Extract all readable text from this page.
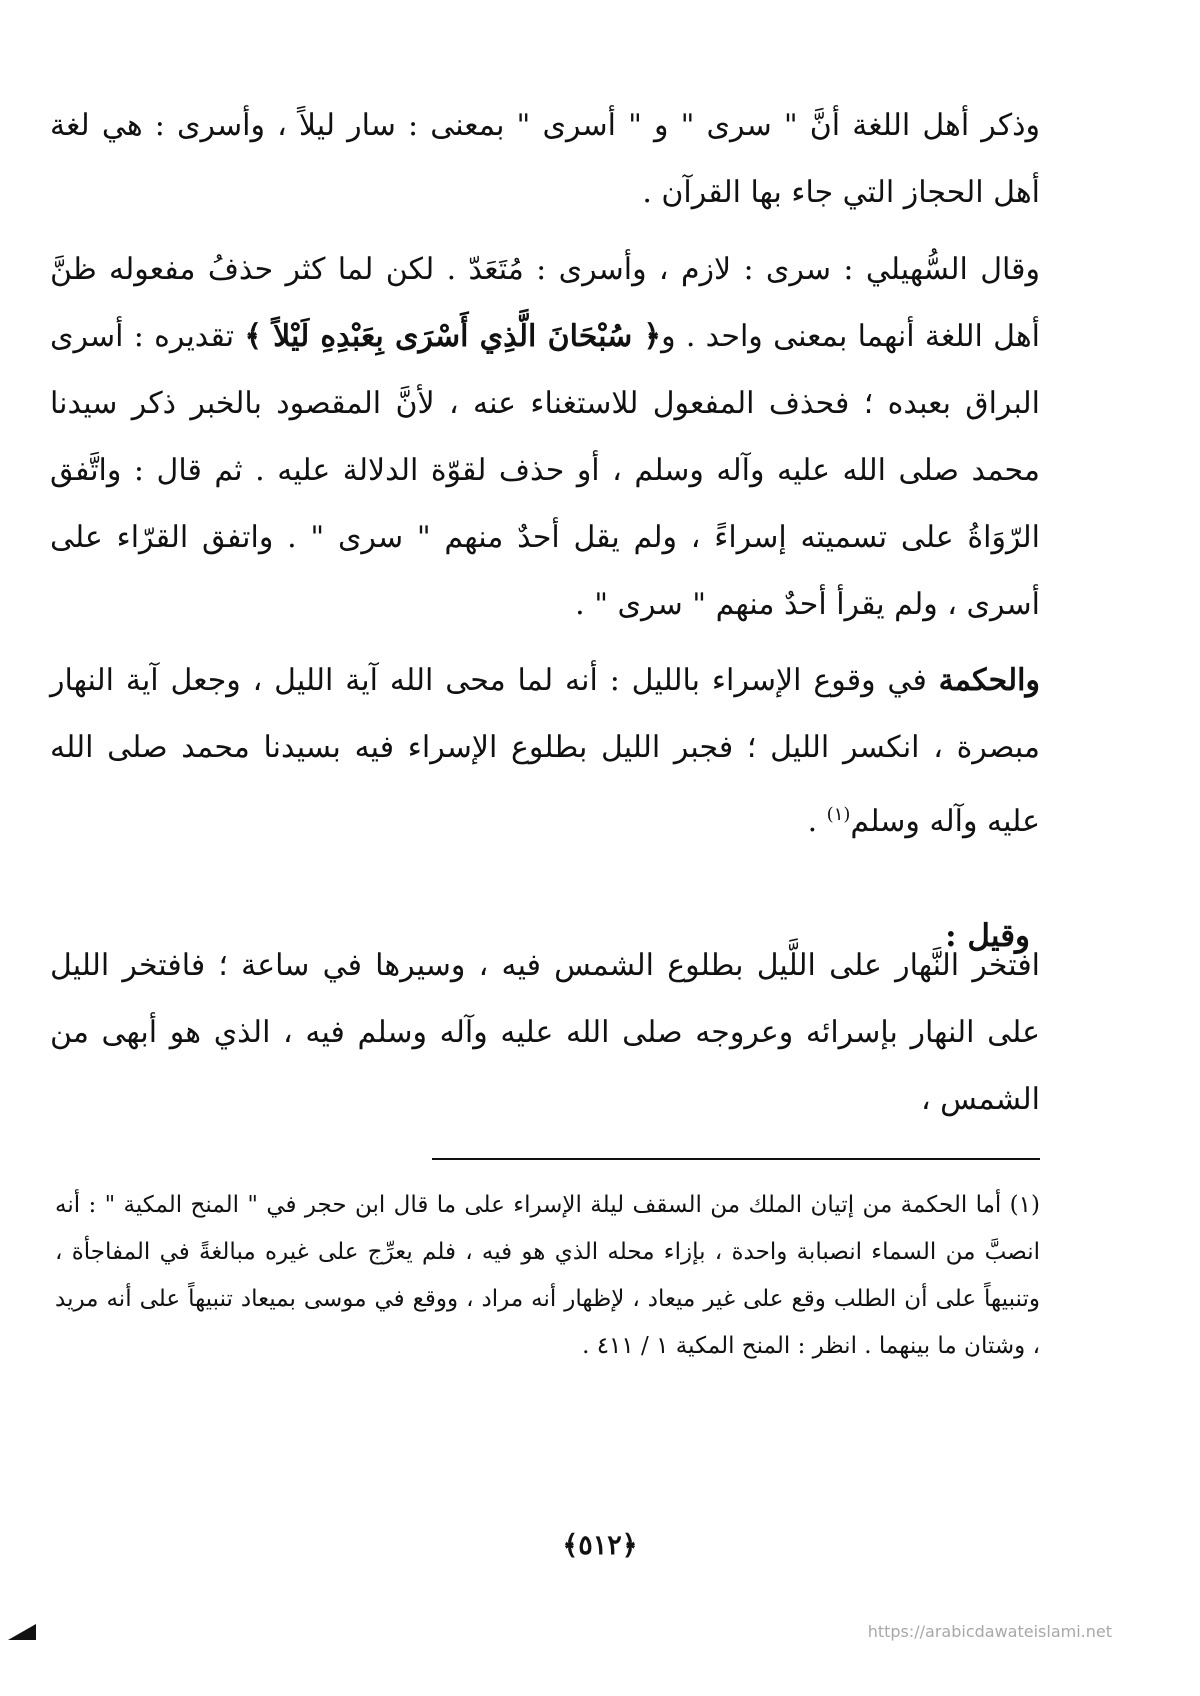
وذكر أهل اللغة أنَّ " سرى " و " أسرى " بمعنى : سار ليلاً ، وأسرى : هي لغة أهل الحجاز التي جاء بها القرآن .

وقال السُّهيلي : سرى : لازم ، وأسرى : مُتَعَدّ . لكن لما كثر حذفُ مفعوله ظنَّ أهل اللغة أنهما بمعنى واحد . و﴿ سُبْحَانَ الَّذِي أَسْرَى بِعَبْدِهِ لَيْلاً ﴾ تقديره : أسرى البراق بعبده ؛ فحذف المفعول للاستغناء عنه ، لأنَّ المقصود بالخبر ذكر سيدنا محمد صلى الله عليه وآله وسلم ، أو حذف لقوّة الدلالة عليه . ثم قال : واتَّفق الرّوَاةُ على تسميته إسراءً ، ولم يقل أحدٌ منهم " سرى " . واتفق القرّاء على أسرى ، ولم يقرأ أحدٌ منهم " سرى " .

والحكمة في وقوع الإسراء بالليل : أنه لما محى الله آية الليل ، وجعل آية النهار مبصرة ، انكسر الليل ؛ فجبر الليل بطلوع الإسراء فيه بسيدنا محمد صلى الله عليه وآله وسلم$^{(١)}$ .

وقيل :

افتخر النَّهار على اللَّيل بطلوع الشمس فيه ، وسيرها في ساعة ؛ فافتخر الليل على النهار بإسرائه وعروجه صلى الله عليه وآله وسلم فيه ، الذي هو أبهى من الشمس ،

(١) أما الحكمة من إتيان الملك من السقف ليلة الإسراء على ما قال ابن حجر في " المنح المكية " : أنه انصبَّ من السماء انصبابة واحدة ، بإزاء محله الذي هو فيه ، فلم يعرِّج على غيره مبالغةً في المفاجأة ، وتنبيهاً على أن الطلب وقع على غير ميعاد ، لإظهار أنه مراد ، ووقع في موسى بميعاد تنبيهاً على أنه مريد ، وشتان ما بينهما . انظر : المنح المكية ١ / ٤١١ .

﴿٥١٢﴾
https://arabicdawateislami.net
